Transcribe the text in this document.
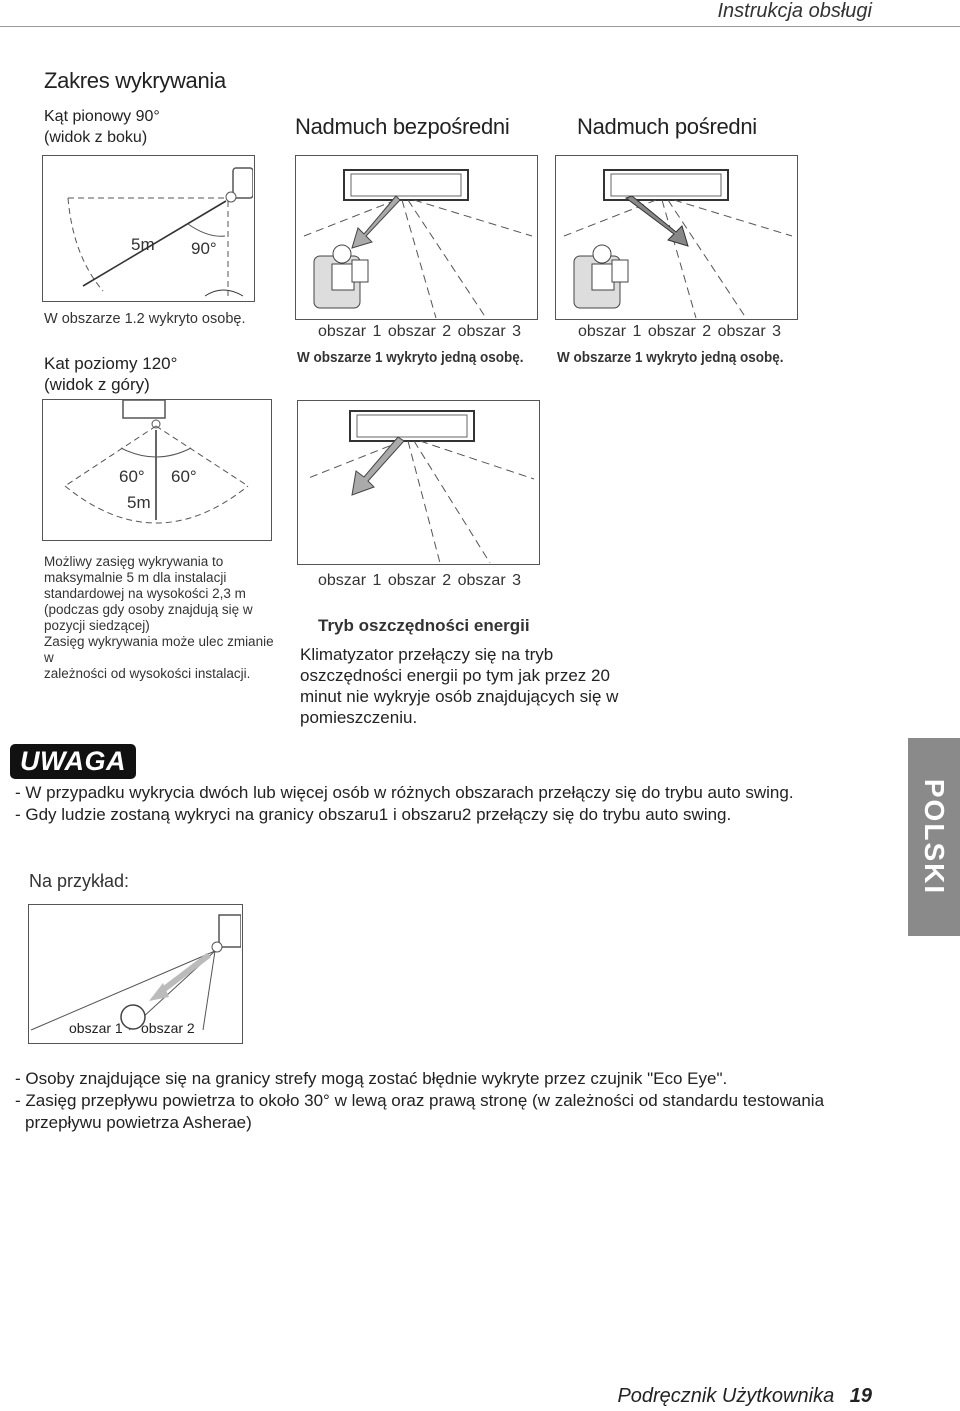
Instrukcja obsługi
Zakres wykrywania
Kąt pionowy 90°
(widok z boku)	Nadmuch bezpośredni	Nadmuch pośredni
5m 90°
W obszarze 1.2 wykryto osobę.
obszar 1 obszar 2 obszar 3
W obszarze 1 wykryto jedną osobę.
obszar 1 obszar 2 obszar 3
W obszarze 1 wykryto jedną osobę.
Kat poziomy 120°
(widok z góry)
60° 60°
5m
Możliwy zasięg wykrywania to
maksymalnie 5 m dla instalacji
standardowej na wysokości 2,3 m
(podczas gdy osoby znajdują się w
pozycji siedzącej)
Zasięg wykrywania może ulec zmianie w
zależności od wysokości instalacji.
obszar 1 obszar 2 obszar 3
Tryb oszczędności energii
Klimatyzator przełączy się na tryb
oszczędności energii po tym jak przez 20
minut nie wykryje osób znajdujących się w
pomieszczeniu.
UWAGA
- W przypadku wykrycia dwóch lub więcej osób w różnych obszarach przełączy się do trybu auto swing.
- Gdy ludzie zostaną wykryci na granicy obszaru1 i obszaru2 przełączy się do trybu auto swing.	POLSKI
Na przykład:
obszar 1 obszar 2
- Osoby znajdujące się na granicy strefy mogą zostać błędnie wykryte przez czujnik "Eco Eye".
- Zasięg przepływu powietrza to około 30° w lewą oraz prawą stronę (w zależności od standardu testowania
przepływu powietrza Asherae)
Podręcznik Użytkownika 19
